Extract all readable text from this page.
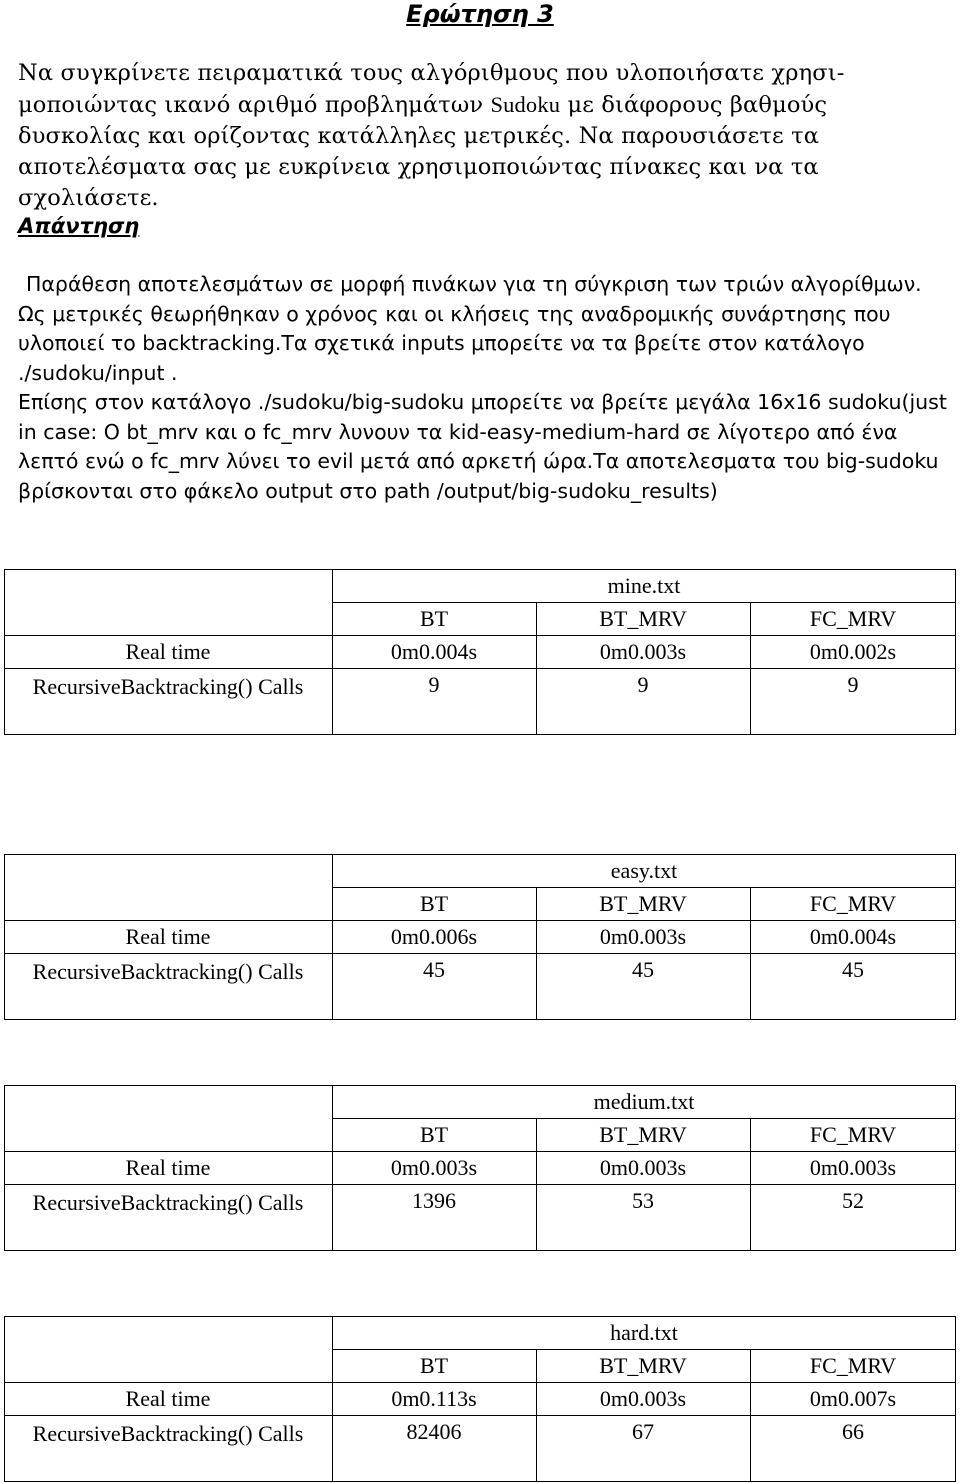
Ερώτηση 3
Να συγκρίνετε πειραματικά τους αλγόριθμους που υλοποιήσατε χρησι-μοποιώντας ικανό αριθμό προβλημάτων Sudoku με διάφορους βαθμούς δυσκολίας και ορίζοντας κατάλληλες μετρικές. Να παρουσιάσετε τα αποτελέσματα σας με ευκρίνεια χρησιμοποιώντας πίνακες και να τα σχολιάσετε.
Απάντηση

Παράθεση αποτελεσμάτων σε μορφή πινάκων για τη σύγκριση των τριών αλγορίθμων.

Ως μετρικές θεωρήθηκαν ο χρόνος και οι κλήσεις της αναδρομικής συνάρτησης που υλοποιεί το backtracking.Τα σχετικά inputs μπορείτε να τα βρείτε στον κατάλογο ./sudoku/input .

Επίσης στον κατάλογο ./sudoku/big-sudoku μπορείτε να βρείτε μεγάλα 16x16 sudoku(just in case: Ο bt_mrv και ο fc_mrv λυνουν τα kid-easy-medium-hard σε λίγοτερο από ένα λεπτό ενώ ο fc_mrv λύνει το evil μετά από αρκετή ώρα.Τα αποτελεσματα του big-sudoku βρίσκονται στο φάκελο output στο path /output/big-sudoku_results)

mine.txt
BT	BT_MRV	FC_MRV
Real time	0m0.004s	0m0.003s	0m0.002s
RecursiveBacktracking() Calls	9	9	9
easy.txt
BT	BT_MRV	FC_MRV
Real time	0m0.006s	0m0.003s	0m0.004s
RecursiveBacktracking() Calls	45	45	45
medium.txt
BT	BT_MRV	FC_MRV
Real time	0m0.003s	0m0.003s	0m0.003s
RecursiveBacktracking() Calls	1396	53	52
hard.txt
BT	BT_MRV	FC_MRV
Real time	0m0.113s	0m0.003s	0m0.007s
RecursiveBacktracking() Calls	82406	67	66
